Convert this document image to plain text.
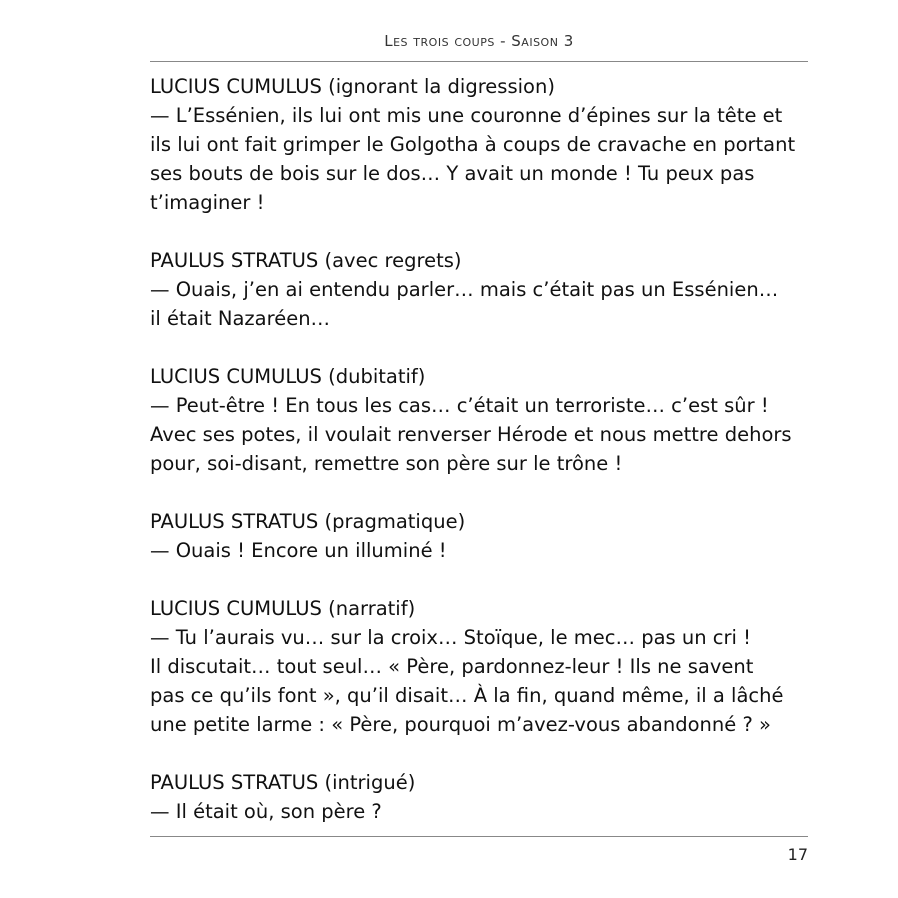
Les trois coups - Saison 3
LUCIUS CUMULUS (ignorant la digression)
— L’Essénien, ils lui ont mis une couronne d’épines sur la tête et
ils lui ont fait grimper le Golgotha à coups de cravache en portant
ses bouts de bois sur le dos… Y avait un monde ! Tu peux pas
t’imaginer !
PAULUS STRATUS (avec regrets)
— Ouais, j’en ai entendu parler… mais c’était pas un Essénien…
il était Nazaréen…
LUCIUS CUMULUS (dubitatif)
— Peut-être ! En tous les cas… c’était un terroriste… c’est sûr !
Avec ses potes, il voulait renverser Hérode et nous mettre dehors
pour, soi-disant, remettre son père sur le trône !
PAULUS STRATUS (pragmatique)
— Ouais ! Encore un illuminé !
LUCIUS CUMULUS (narratif)
— Tu l’aurais vu… sur la croix… Stoïque, le mec… pas un cri !
Il discutait… tout seul… « Père, pardonnez-leur ! Ils ne savent
pas ce qu’ils font », qu’il disait… À la fin, quand même, il a lâché
une petite larme : « Père, pourquoi m’avez-vous abandonné ? »
PAULUS STRATUS (intrigué)
— Il était où, son père ?
17
